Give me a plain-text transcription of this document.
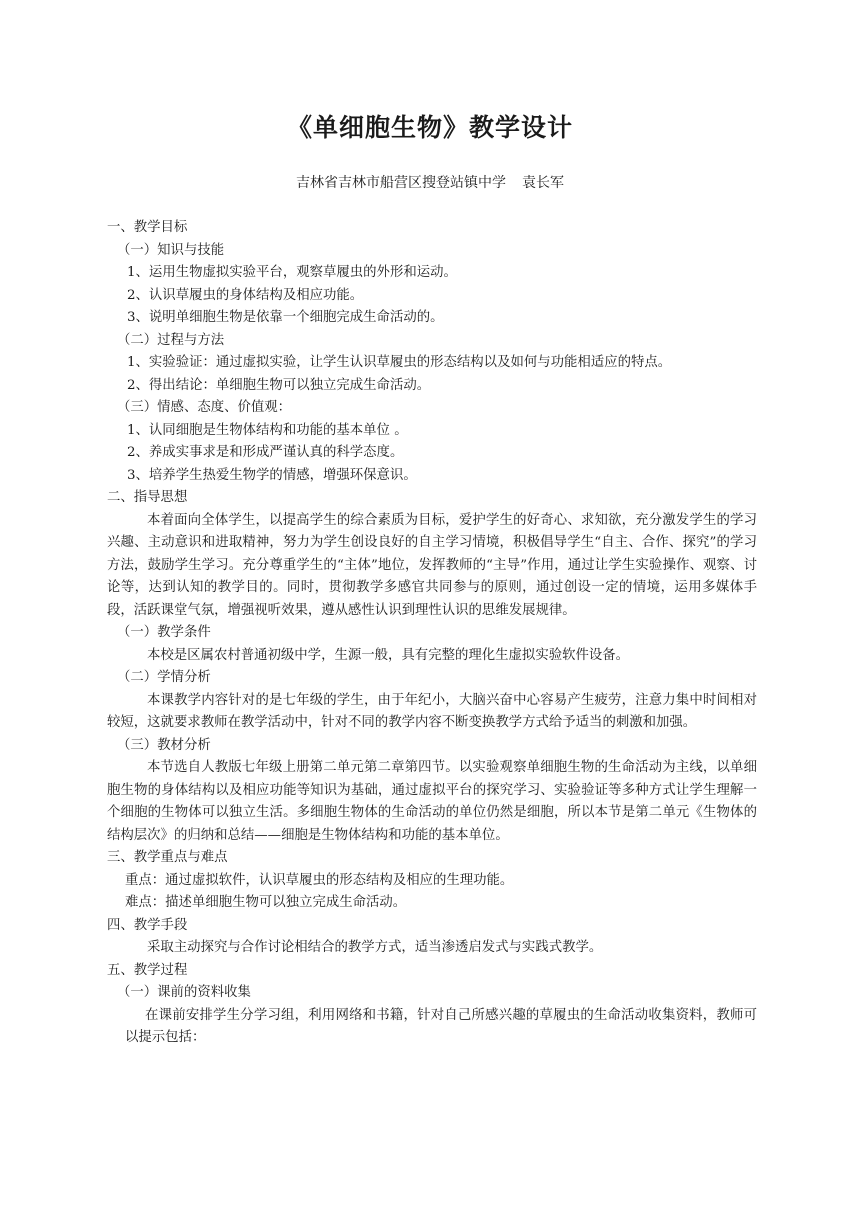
《单细胞生物》教学设计
吉林省吉林市船营区搜登站镇中学 袁长军
一、教学目标
（一）知识与技能
1、运用生物虚拟实验平台，观察草履虫的外形和运动。
2、认识草履虫的身体结构及相应功能。
3、说明单细胞生物是依靠一个细胞完成生命活动的。
（二）过程与方法
1、实验验证：通过虚拟实验，让学生认识草履虫的形态结构以及如何与功能相适应的特点。
2、得出结论：单细胞生物可以独立完成生命活动。
（三）情感、态度、价值观：
1、认同细胞是生物体结构和功能的基本单位 。
2、养成实事求是和形成严谨认真的科学态度。
3、培养学生热爱生物学的情感，增强环保意识。
二、指导思想

本着面向全体学生，以提高学生的综合素质为目标，爱护学生的好奇心、求知欲，充分激发学生的学习兴趣、主动意识和进取精神，努力为学生创设良好的自主学习情境，积极倡导学生“自主、合作、探究”的学习方法，鼓励学生学习。充分尊重学生的“主体”地位，发挥教师的“主导”作用，通过让学生实验操作、观察、讨论等，达到认知的教学目的。同时，贯彻教学多感官共同参与的原则，通过创设一定的情境，运用多媒体手段，活跃课堂气氛，增强视听效果，遵从感性认识到理性认识的思维发展规律。

（一）教学条件

本校是区属农村普通初级中学，生源一般，具有完整的理化生虚拟实验软件设备。

（二）学情分析

本课教学内容针对的是七年级的学生，由于年纪小，大脑兴奋中心容易产生疲劳，注意力集中时间相对较短，这就要求教师在教学活动中，针对不同的教学内容不断变换教学方式给予适当的刺激和加强。

（三）教材分析

本节选自人教版七年级上册第二单元第二章第四节。以实验观察单细胞生物的生命活动为主线，以单细胞生物的身体结构以及相应功能等知识为基础，通过虚拟平台的探究学习、实验验证等多种方式让学生理解一个细胞的生物体可以独立生活。多细胞生物体的生命活动的单位仍然是细胞，所以本节是第二单元《生物体的结构层次》的归纳和总结——细胞是生物体结构和功能的基本单位。

三、教学重点与难点
重点：通过虚拟软件，认识草履虫的形态结构及相应的生理功能。
难点：描述单细胞生物可以独立完成生命活动。
四、教学手段

采取主动探究与合作讨论相结合的教学方式，适当渗透启发式与实践式教学。

五、教学过程
（一）课前的资料收集

在课前安排学生分学习组，利用网络和书籍，针对自己所感兴趣的草履虫的生命活动收集资料，教师可以提示包括：
